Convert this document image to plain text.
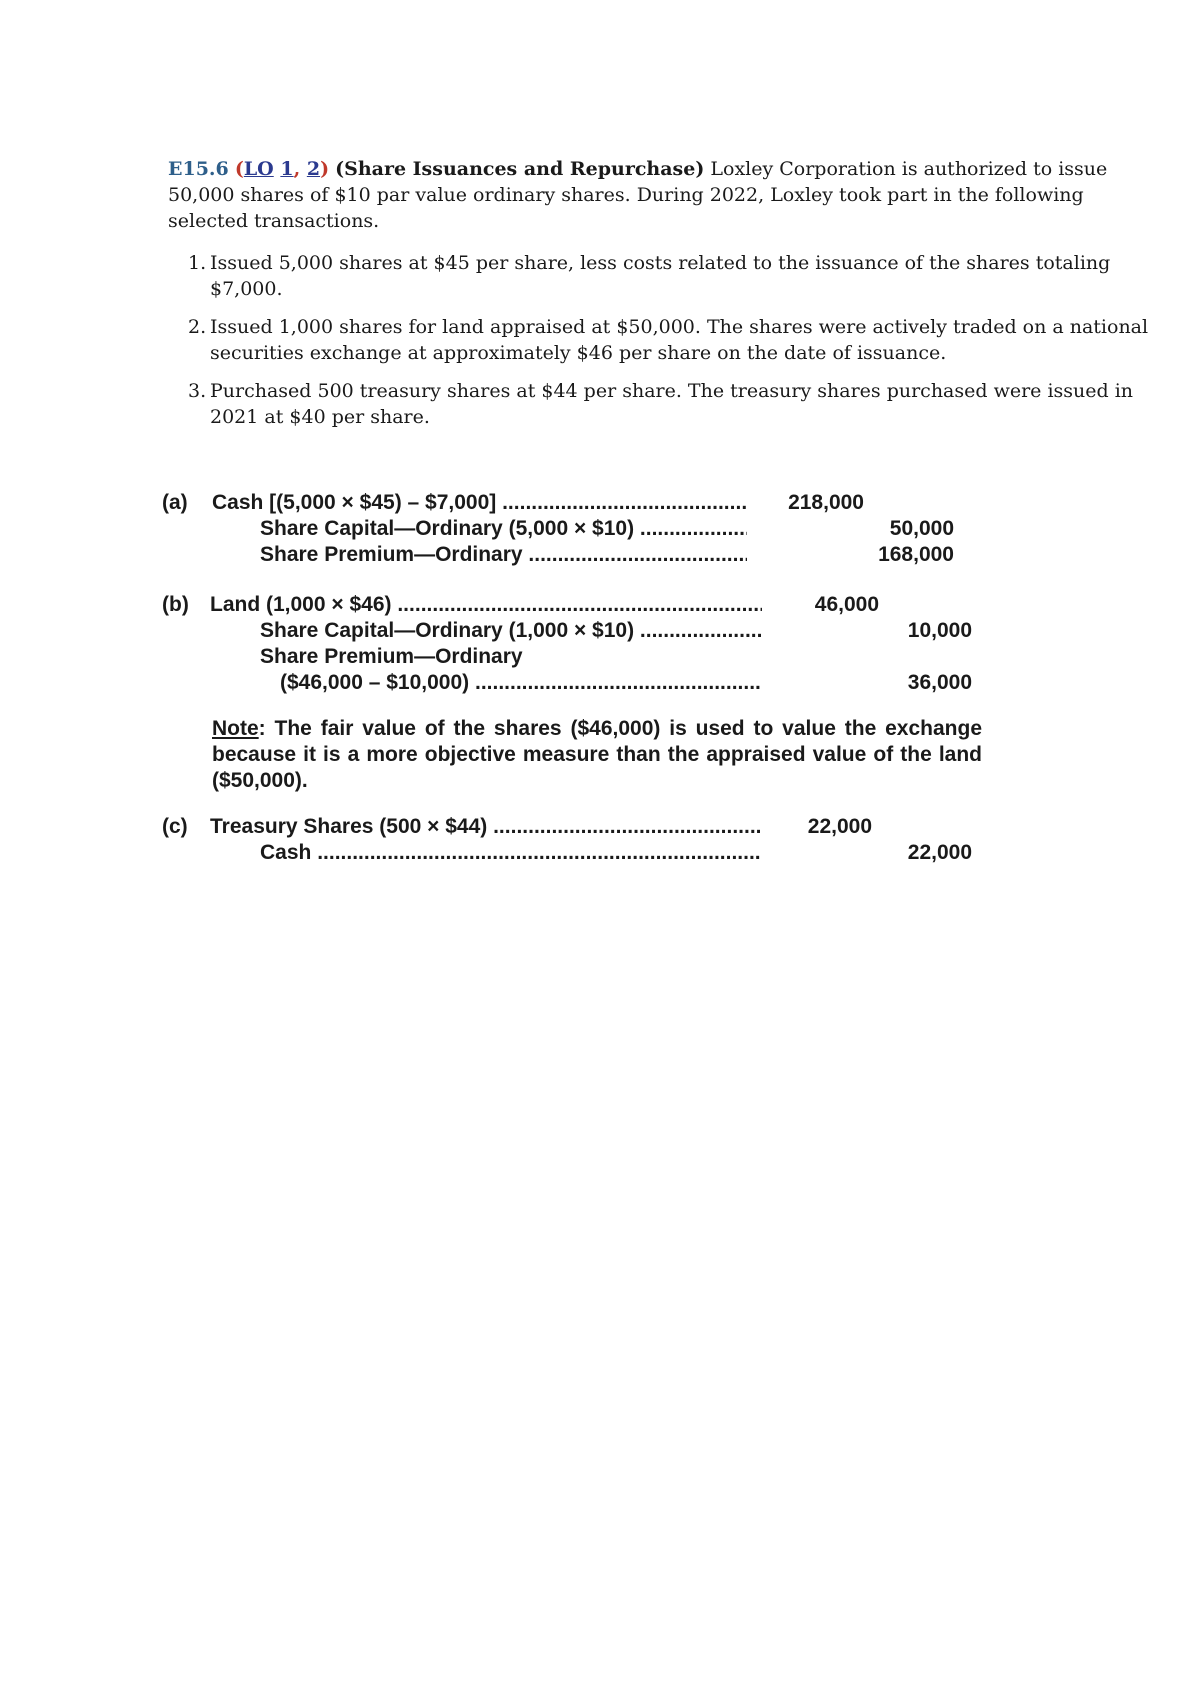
E15.6 (LO 1, 2) (Share Issuances and Repurchase) Loxley Corporation is authorized to issue 50,000 shares of $10 par value ordinary shares. During 2022, Loxley took part in the following selected transactions.
1. Issued 5,000 shares at $45 per share, less costs related to the issuance of the shares totaling $7,000.
2. Issued 1,000 shares for land appraised at $50,000. The shares were actively traded on a national securities exchange at approximately $46 per share on the date of issuance.
3. Purchased 500 treasury shares at $44 per share. The treasury shares purchased were issued in 2021 at $40 per share.
(a) Cash [(5,000 × $45) – $7,000] .....	218,000
Share Capital—Ordinary (5,000 × $10) .....	50,000
Share Premium—Ordinary .....	168,000
(b) Land (1,000 × $46) .....	46,000
Share Capital—Ordinary (1,000 × $10) .....	10,000
Share Premium—Ordinary
($46,000 – $10,000) .....	36,000
Note: The fair value of the shares ($46,000) is used to value the exchange because it is a more objective measure than the appraised value of the land ($50,000).
(c) Treasury Shares (500 × $44) .....	22,000
Cash .....	22,000
